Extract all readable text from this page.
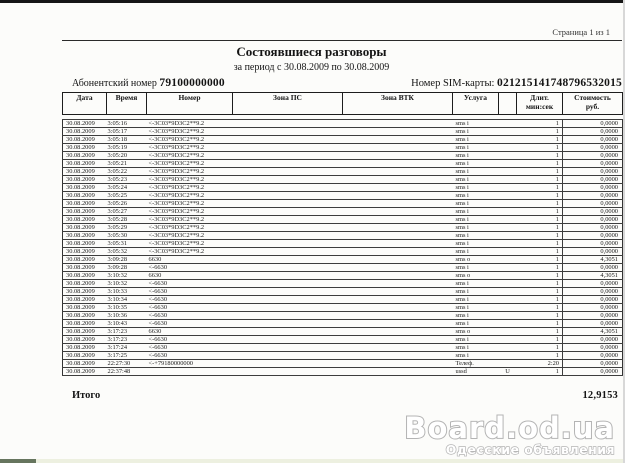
Страница 1 из 1
Состоявшиеся разговоры
за период с 30.08.2009 по 30.08.2009
Абонентский номер 79100000000	Номер SIM-карты: 021215141748796532015
Дата	Время	Номер	Зона ПС	Зона ВТК	Услуга		Длит. мин:сек	Стоимость руб.
30.08.2009	3:05:16	<-3C03*9D3C2**9.2			sms i		1	0,0000
30.08.2009	3:05:17	<-3C03*9D3C2**9.2			sms i		1	0,0000
30.08.2009	3:05:18	<-3C03*9D3C2**9.2			sms i		1	0,0000
30.08.2009	3:05:19	<-3C03*9D3C2**9.2			sms i		1	0,0000
30.08.2009	3:05:20	<-3C03*9D3C2**9.2			sms i		1	0,0000
30.08.2009	3:05:21	<-3C03*9D3C2**9.2			sms i		1	0,0000
30.08.2009	3:05:22	<-3C03*9D3C2**9.2			sms i		1	0,0000
30.08.2009	3:05:23	<-3C03*9D3C2**9.2			sms i		1	0,0000
30.08.2009	3:05:24	<-3C03*9D3C2**9.2			sms i		1	0,0000
30.08.2009	3:05:25	<-3C03*9D3C2**9.2			sms i		1	0,0000
30.08.2009	3:05:26	<-3C03*9D3C2**9.2			sms i		1	0,0000
30.08.2009	3:05:27	<-3C03*9D3C2**9.2			sms i		1	0,0000
30.08.2009	3:05:28	<-3C03*9D3C2**9.2			sms i		1	0,0000
30.08.2009	3:05:29	<-3C03*9D3C2**9.2			sms i		1	0,0000
30.08.2009	3:05:30	<-3C03*9D3C2**9.2			sms i		1	0,0000
30.08.2009	3:05:31	<-3C03*9D3C2**9.2			sms i		1	0,0000
30.08.2009	3:05:32	<-3C03*9D3C2**9.2			sms i		1	0,0000
30.08.2009	3:09:28	6630			sms o		1	4,3051
30.08.2009	3:09:28	<-6630			sms i		1	0,0000
30.08.2009	3:10:32	6630			sms o		1	4,3051
30.08.2009	3:10:32	<-6630			sms i		1	0,0000
30.08.2009	3:10:33	<-6630			sms i		1	0,0000
30.08.2009	3:10:34	<-6630			sms i		1	0,0000
30.08.2009	3:10:35	<-6630			sms i		1	0,0000
30.08.2009	3:10:36	<-6630			sms i		1	0,0000
30.08.2009	3:10:43	<-6630			sms i		1	0,0000
30.08.2009	3:17:23	6630			sms o		1	4,3051
30.08.2009	3:17:23	<-6630			sms i		1	0,0000
30.08.2009	3:17:24	<-6630			sms i		1	0,0000
30.08.2009	3:17:25	<-6630			sms i		1	0,0000
30.08.2009	22:27:30	<-+79180000000			Телеф.		2:20	0,0000
30.08.2009	22:37:48				ussd	U	1	0,0000
Итого	12,9153
Board.od.ua
Одесские объявления
